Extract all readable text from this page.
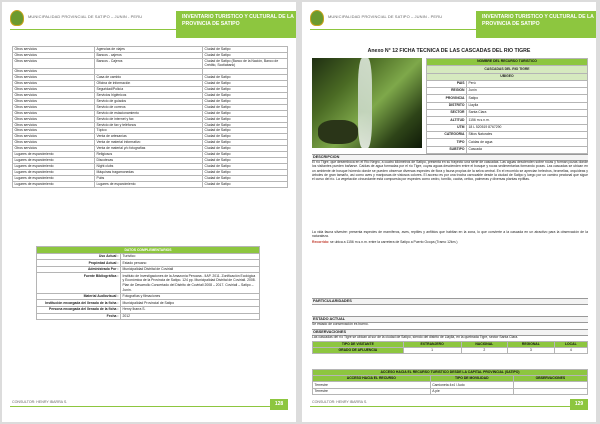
MUNICIPALIDAD PROVINCIAL DE SATIPO – JUNIN - PERU	INVENTARIO TURISTICO Y CULTURAL DE LA PROVINCIA DE SATIPO
Otros servicios	Agencias de viajes	Ciudad de Satipo
Otros servicios	Bancos - cajeros	Ciudad de Satipo
Otros servicios	Bancos - Cajeros	Ciudad de Satipo (Banco de la Nación, Banco de Crédito, Scotiabank)
Otros servicios		
Otros servicios	Casa de cambio	Ciudad de Satipo
Otros servicios	Oficina de información	Ciudad de Satipo
Otros servicios	Seguridad/Policía	Ciudad de Satipo
Otros servicios	Servicios higiénicos	Ciudad de Satipo
Otros servicios	Servicio de guiados	Ciudad de Satipo
Otros servicios	Servicio de correos	Ciudad de Satipo
Otros servicios	Servicio de estacionamiento	Ciudad de Satipo
Otros servicios	Servicio de internet y fax	Ciudad de Satipo
Otros servicios	Servicio de fax y teléfonos	Ciudad de Satipo
Otros servicios	Tópico	Ciudad de Satipo
Otros servicios	Venta de artesanías	Ciudad de Satipo
Otros servicios	Venta de material informativo	Ciudad de Satipo
Otros servicios	Venta de material y/o fotografías	Ciudad de Satipo
Lugares de esparcimiento	Religiosos	Ciudad de Satipo
Lugares de esparcimiento	Discotecas	Ciudad de Satipo
Lugares de esparcimiento	Night clubs	Ciudad de Satipo
Lugares de esparcimiento	Máquinas tragamonedas	Ciudad de Satipo
Lugares de esparcimiento	Pubs	Ciudad de Satipo
Lugares de esparcimiento	Lugares de esparcimiento	Ciudad de Satipo
DATOS COMPLEMENTARIOS	
Uso Actual :	Turístico
Propiedad Actual :	Estado peruano
Administrado Por :	Municipalidad Distrital de Coviriali
Fuente Bibliográfica :	Instituto de Investigaciones de la Amazonía Peruana - IIAP. 2011. Zonificación Ecológica y Económica de la Provincia de Satipo. 124 pp. Municipalidad Distrital de Coviriali. 2008. Plan de Desarrollo Concertado del Distrito de Coviriali 2008 – 2017. Coviriali – Satipo – Junín.
Material Audiovisual :	Fotografías y filmaciones
Institución encargada del llenado de la ficha :	Municipalidad Provincial de Satipo
Persona encargada del llenado de la ficha :	Henry Ibarra S.
Fecha :	2012
CONSULTOR: HENRY IBARRA S.	128
MUNICIPALIDAD PROVINCIAL DE SATIPO – JUNIN - PERU	INVENTARIO TURISTICO Y CULTURAL DE LA PROVINCIA DE SATIPO
Anexo N° 12 FICHA TECNICA DE LAS CASCADAS DEL RIO TIGRE
NOMBRE DEL RECURSO TURISTICO	
CASCADAS DEL RIO TIGRE	
UBIGEO	
PAIS	Perú
REGION	Junín
PROVINCIA	Satipo
DISTRITO	Llaylla
SECTOR	Santa Clara
ALTITUD	1156 m.s.n.m.
UTM	18 L 520519 8767290
CATEGORIA	Sitios Naturales
TIPO	Caídas de agua
SUBTIPO	Cascada

DESCRIPCION
El río Tigre, que desemboca en el Río Negro, a cuatro kilómetros de Satipo, presenta en su trayecto una serie de cascadas. Las aguas descienden sobre rocas y forman pozas donde los visitantes pueden bañarse. Caídas de agua formadas por el río Tigre, cuyas aguas descienden entre el bosque y rocas sedimentarias formando pozas. Las cascadas se ubican en un ambiente de bosque húmedo donde se pueden observar diversas especies de flora y fauna propias de la selva central. En el recorrido se aprecian helechos, bromelias, orquídeas y árboles de gran tamaño, así como aves y mariposas de vistosos colores. El acceso es por una trocha carrozable desde la ciudad de Satipo y luego por un camino peatonal que sigue el curso del río. La vegetación circundante está compuesta por especies como cedro, tornillo, caoba, cetico, palmeras y diversas plantas epífitas.
La vida fauna silvestre: presenta especies de mamíferos, aves, reptiles y anfibios que habitan en la zona, lo que convierte a la cascada en un atractivo para la observación de la naturaleza.
Recorrido: se ubica a 1156 m.s.n.m. entre la carretera de Satipo a Puerto Ocopa (Tramo 12km.)
PARTICULARIDADES
ESTADO ACTUAL
Se estado de conservación es bueno.
OBSERVACIONES
Las cascadas del río Tigre se ubican al sur de la ciudad de Satipo, siendo del distrito de Llaylla, en la quebrada Tigre, sector Santa Clara.
TIPO DE VISITANTE	EXTRANJERO	NACIONAL	REGIONAL	LOCAL
GRADO DE AFLUENCIA	1	2	3	4
ACCESO HACIA EL RECURSO TURISTICO DESDE LA CAPITAL PROVINCIAL (SATIPO)		
ACCESO HACIA EL RECURSO	TIPO DE MOVILIDAD	OBSERVACIONES
Terrestre	Camioneta 4x4 / Auto	
Terrestre	A pie	
CONSULTOR: HENRY IBARRA S.	129
